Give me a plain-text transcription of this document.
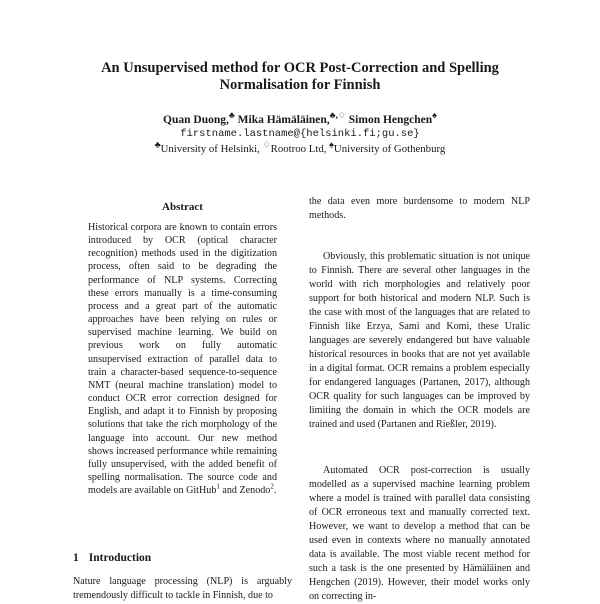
An Unsupervised method for OCR Post-Correction and Spelling Normalisation for Finnish
Quan Duong,♣ Mika Hämäläinen,♣,♢ Simon Hengchen♠
firstname.lastname@{helsinki.fi;gu.se}
♣University of Helsinki, ♢Rootroo Ltd, ♠University of Gothenburg
Abstract
Historical corpora are known to contain errors introduced by OCR (optical character recognition) methods used in the digitization process, often said to be degrading the performance of NLP systems. Correcting these errors manually is a time-consuming process and a great part of the automatic approaches have been relying on rules or supervised machine learning. We build on previous work on fully automatic unsupervised extraction of parallel data to train a character-based sequence-to-sequence NMT (neural machine translation) model to conduct OCR error correction designed for English, and adapt it to Finnish by proposing solutions that take the rich morphology of the language into account. Our new method shows increased performance while remaining fully unsupervised, with the added benefit of spelling normalisation. The source code and models are available on GitHub$^1$ and Zenodo$^2$.
1 Introduction
Nature language processing (NLP) is arguably tremendously difficult to tackle in Finnish, due to
the data even more burdensome to modern NLP methods.
Obviously, this problematic situation is not unique to Finnish. There are several other languages in the world with rich morphologies and relatively poor support for both historical and modern NLP. Such is the case with most of the languages that are related to Finnish like Erzya, Sami and Komi, these Uralic languages are severely endangered but have valuable historical resources in books that are not yet available in a digital format. OCR remains a problem especially for endangered languages (Partanen, 2017), although OCR quality for such languages can be improved by limiting the domain in which the OCR models are trained and used (Partanen and Rießler, 2019).
Automated OCR post-correction is usually modelled as a supervised machine learning problem where a model is trained with parallel data consisting of OCR erroneous text and manually corrected text. However, we want to develop a method that can be used even in contexts where no manually annotated data is available. The most viable recent method for such a task is the one presented by Hämäläinen and Hengchen (2019). However, their model works only on correcting in-
